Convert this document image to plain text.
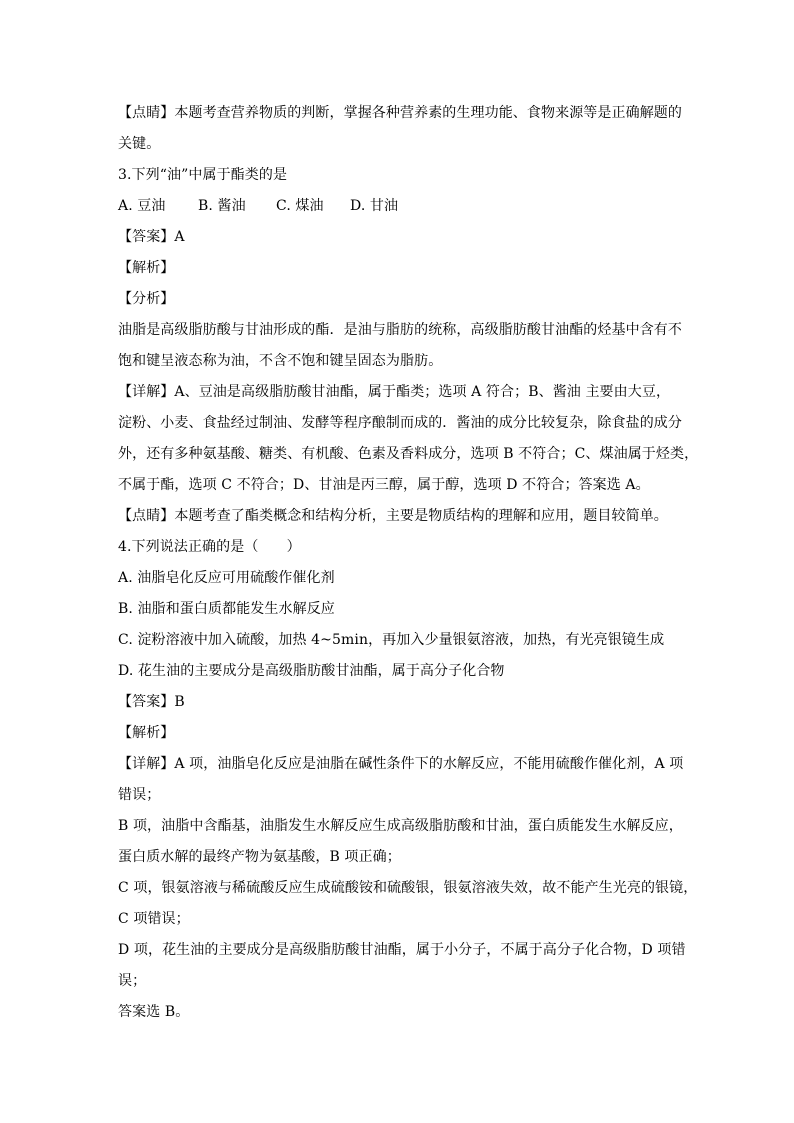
【点睛】本题考查营养物质的判断，掌握各种营养素的生理功能、食物来源等是正确解题的
关键。
3.下列“油”中属于酯类的是
A. 豆油 B. 酱油 C. 煤油 D. 甘油
【答案】A
【解析】
【分析】
油脂是高级脂肪酸与甘油形成的酯．是油与脂肪的统称，高级脂肪酸甘油酯的烃基中含有不
饱和键呈液态称为油，不含不饱和键呈固态为脂肪。
【详解】A、豆油是高级脂肪酸甘油酯，属于酯类；选项 A 符合；B、酱油 主要由大豆，
淀粉、小麦、食盐经过制油、发酵等程序酿制而成的．酱油的成分比较复杂，除食盐的成分
外，还有多种氨基酸、糖类、有机酸、色素及香料成分，选项 B 不符合；C、煤油属于烃类，
不属于酯，选项 C 不符合；D、甘油是丙三醇，属于醇，选项 D 不符合；答案选 A。
【点睛】本题考查了酯类概念和结构分析，主要是物质结构的理解和应用，题目较简单。
4.下列说法正确的是（　　）
A. 油脂皂化反应可用硫酸作催化剂
B. 油脂和蛋白质都能发生水解反应
C. 淀粉溶液中加入硫酸，加热 4~5min，再加入少量银氨溶液，加热，有光亮银镜生成
D. 花生油的主要成分是高级脂肪酸甘油酯，属于高分子化合物
【答案】B
【解析】
【详解】A 项，油脂皂化反应是油脂在碱性条件下的水解反应，不能用硫酸作催化剂，A 项
错误；
B 项，油脂中含酯基，油脂发生水解反应生成高级脂肪酸和甘油，蛋白质能发生水解反应，
蛋白质水解的最终产物为氨基酸，B 项正确；
C 项，银氨溶液与稀硫酸反应生成硫酸铵和硫酸银，银氨溶液失效，故不能产生光亮的银镜，
C 项错误；
D 项，花生油的主要成分是高级脂肪酸甘油酯，属于小分子，不属于高分子化合物，D 项错
误；
答案选 B。
